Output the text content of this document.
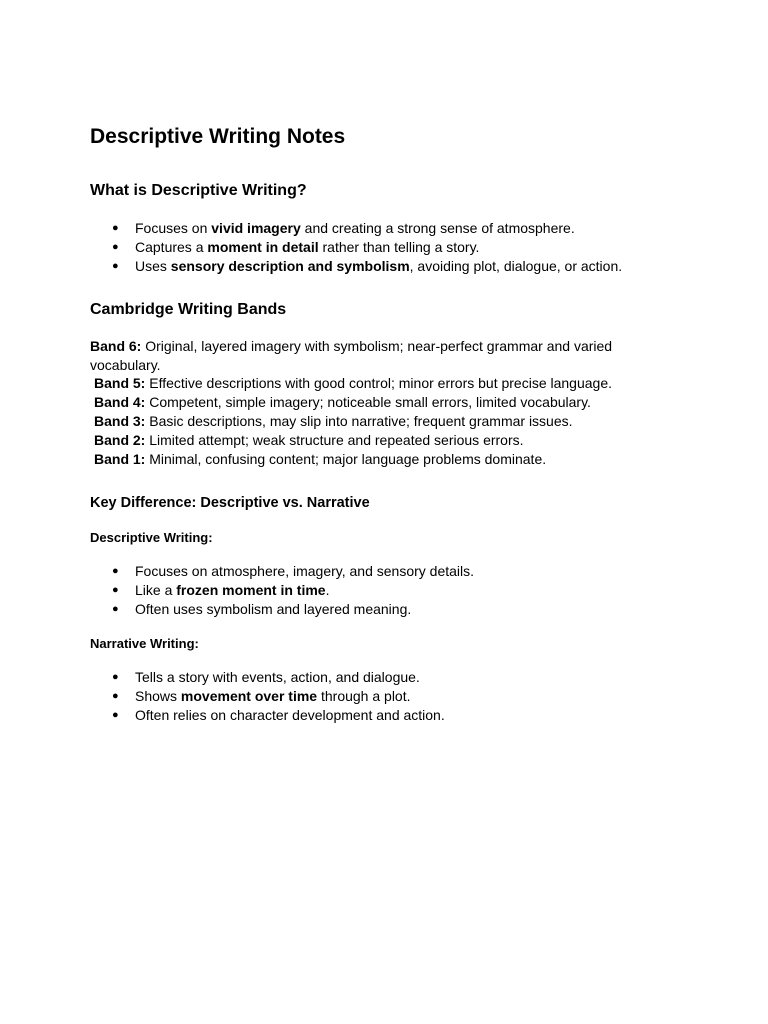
Descriptive Writing Notes
What is Descriptive Writing?
● Focuses on vivid imagery and creating a strong sense of atmosphere.
● Captures a moment in detail rather than telling a story.
● Uses sensory description and symbolism, avoiding plot, dialogue, or action.
Cambridge Writing Bands

Band 6: Original, layered imagery with symbolism; near-perfect grammar and varied vocabulary.

Band 5: Effective descriptions with good control; minor errors but precise language.
Band 4: Competent, simple imagery; noticeable small errors, limited vocabulary.
Band 3: Basic descriptions, may slip into narrative; frequent grammar issues.
Band 2: Limited attempt; weak structure and repeated serious errors.
Band 1: Minimal, confusing content; major language problems dominate.
Key Difference: Descriptive vs. Narrative
Descriptive Writing:
● Focuses on atmosphere, imagery, and sensory details.
● Like a frozen moment in time.
● Often uses symbolism and layered meaning.
Narrative Writing:
● Tells a story with events, action, and dialogue.
● Shows movement over time through a plot.
● Often relies on character development and action.
